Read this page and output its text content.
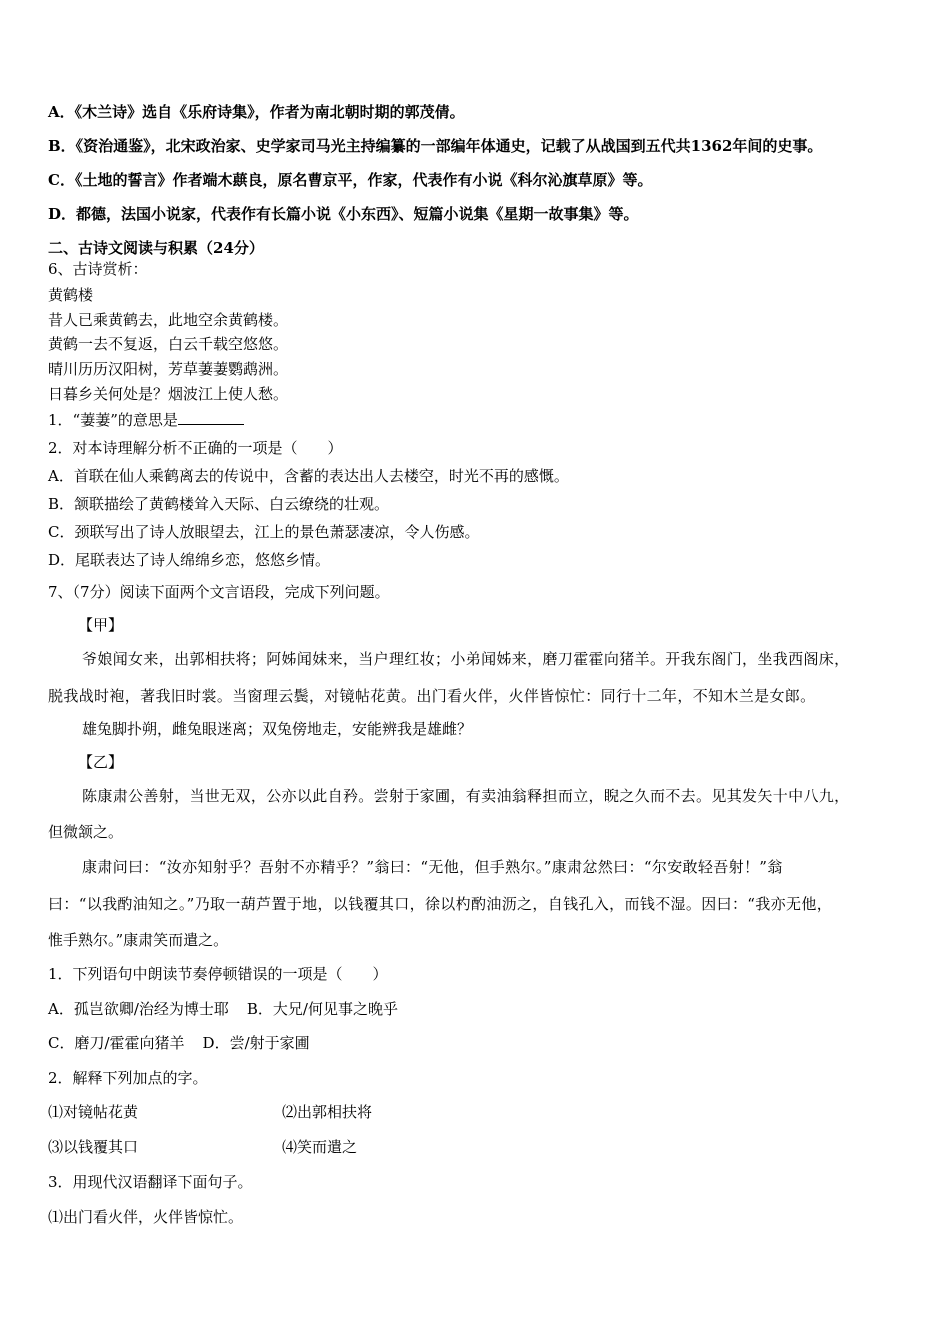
A．《木兰诗》选自《乐府诗集》，作者为南北朝时期的郭茂倩。
B．《资治通鉴》，北宋政治家、史学家司马光主持编纂的一部编年体通史，记载了从战国到五代共1362年间的史事。
C．《土地的誓言》作者端木蕻良，原名曹京平，作家，代表作有小说《科尔沁旗草原》等。
D．都德，法国小说家，代表作有长篇小说《小东西》、短篇小说集《星期一故事集》等。
二、古诗文阅读与积累（24分）
6、古诗赏析：
黄鹤楼
昔人已乘黄鹤去，此地空余黄鹤楼。
黄鹤一去不复返，白云千载空悠悠。
晴川历历汉阳树，芳草萋萋鹦鹉洲。
日暮乡关何处是？烟波江上使人愁。
1．“萋萋”的意思是
2．对本诗理解分析不正确的一项是（　　）
A．首联在仙人乘鹤离去的传说中，含蓄的表达出人去楼空，时光不再的感慨。
B．颔联描绘了黄鹤楼耸入天际、白云缭绕的壮观。
C．颈联写出了诗人放眼望去，江上的景色萧瑟凄凉，令人伤感。
D．尾联表达了诗人绵绵乡恋，悠悠乡情。
7、（7分）阅读下面两个文言语段，完成下列问题。
【甲】
爷娘闻女来，出郭相扶将；阿姊闻妹来，当户理红妆；小弟闻姊来，磨刀霍霍向猪羊。开我东阁门，坐我西阁床，
脱我战时袍，著我旧时裳。当窗理云鬓，对镜帖花黄。出门看火伴，火伴皆惊忙：同行十二年，不知木兰是女郎。
雄兔脚扑朔，雌兔眼迷离；双兔傍地走，安能辨我是雄雌？
【乙】
陈康肃公善射，当世无双，公亦以此自矜。尝射于家圃，有卖油翁释担而立，睨之久而不去。见其发矢十中八九，
但微颔之。
康肃问曰：“汝亦知射乎？吾射不亦精乎？”翁曰：“无他，但手熟尔。”康肃忿然曰：“尔安敢轻吾射！”翁
曰：“以我酌油知之。”乃取一葫芦置于地，以钱覆其口，徐以杓酌油沥之，自钱孔入，而钱不湿。因曰：“我亦无他，
惟手熟尔。”康肃笑而遣之。
1．下列语句中朗读节奏停顿错误的一项是（　　）
A．孤岂欲卿/治经为博士耶 B．大兄/何见事之晚乎
C．磨刀/霍霍向猪羊 D．尝/射于家圃
2．解释下列加点的字。
⑴对镜帖花黄	⑵出郭相扶将
⑶以钱覆其口	⑷笑而遣之
3．用现代汉语翻译下面句子。
⑴出门看火伴，火伴皆惊忙。
